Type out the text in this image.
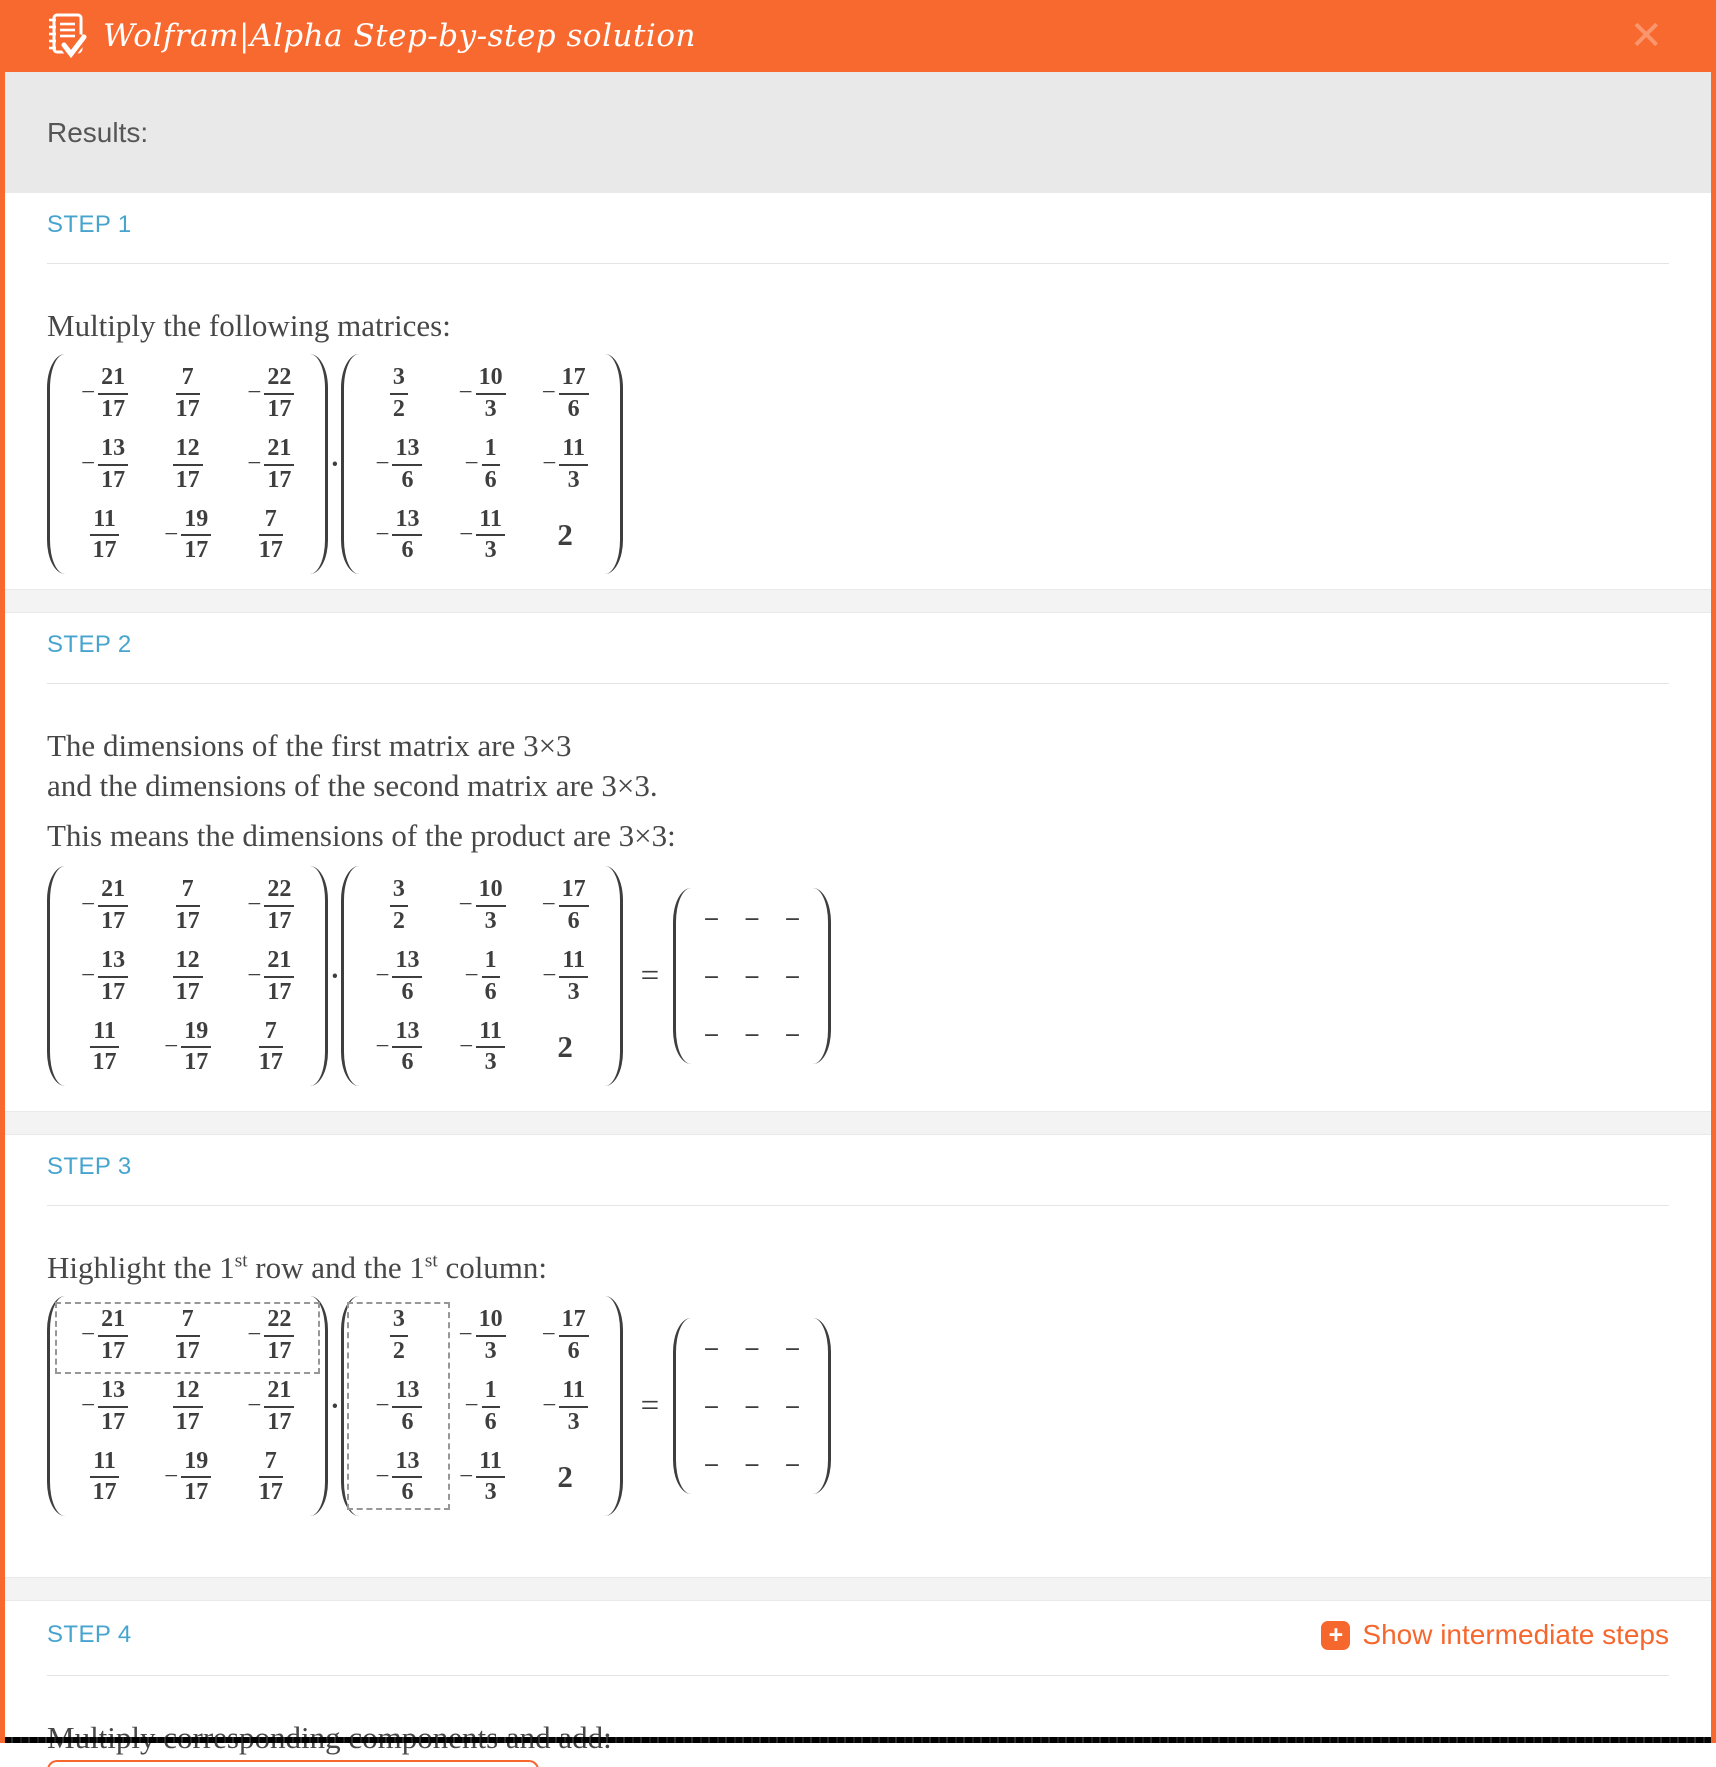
Wolfram|Alpha Step-by-step solution	✕
Results:
STEP 1
Multiply the following matrices:
− $\frac{21}{17} \frac{7}{17} - \frac{22}{17}$
− $\frac{13}{17} \frac{12}{17} - \frac{21}{17}$
$\frac{11}{17} - \frac{19}{17} \frac{7}{17}$
·
$\frac{3}{2} - \frac{10}{3} - \frac{17}{6}$
− $\frac{13}{6} - \frac{1}{6} - \frac{11}{3}$
− $\frac{13}{6} - \frac{11}{3} 2$
STEP 2
The dimensions of the first matrix are 3×3
and the dimensions of the second matrix are 3×3.
This means the dimensions of the product are 3×3:
− $\frac{21}{17} \frac{7}{17} - \frac{22}{17}$
− $\frac{13}{17} \frac{12}{17} - \frac{21}{17}$
$\frac{11}{17} - \frac{19}{17} \frac{7}{17}$
·
$\frac{3}{2} - \frac{10}{3} - \frac{17}{6}$
− $\frac{13}{6} - \frac{1}{6} - \frac{11}{3}$
− $\frac{13}{6} - \frac{11}{3} 2$
=
– – –
– – –
– – –
STEP 3
Highlight the 1st row and the 1st column:
− $\frac{21}{17} \frac{7}{17} - \frac{22}{17}$
− $\frac{13}{17} \frac{12}{17} - \frac{21}{17}$
$\frac{11}{17} - \frac{19}{17} \frac{7}{17}$
·
$\frac{3}{2} - \frac{10}{3} - \frac{17}{6}$
− $\frac{13}{6} - \frac{1}{6} - \frac{11}{3}$
− $\frac{13}{6} - \frac{11}{3} 2$
=
– – –
– – –
– – –
STEP 4	+ Show intermediate steps
